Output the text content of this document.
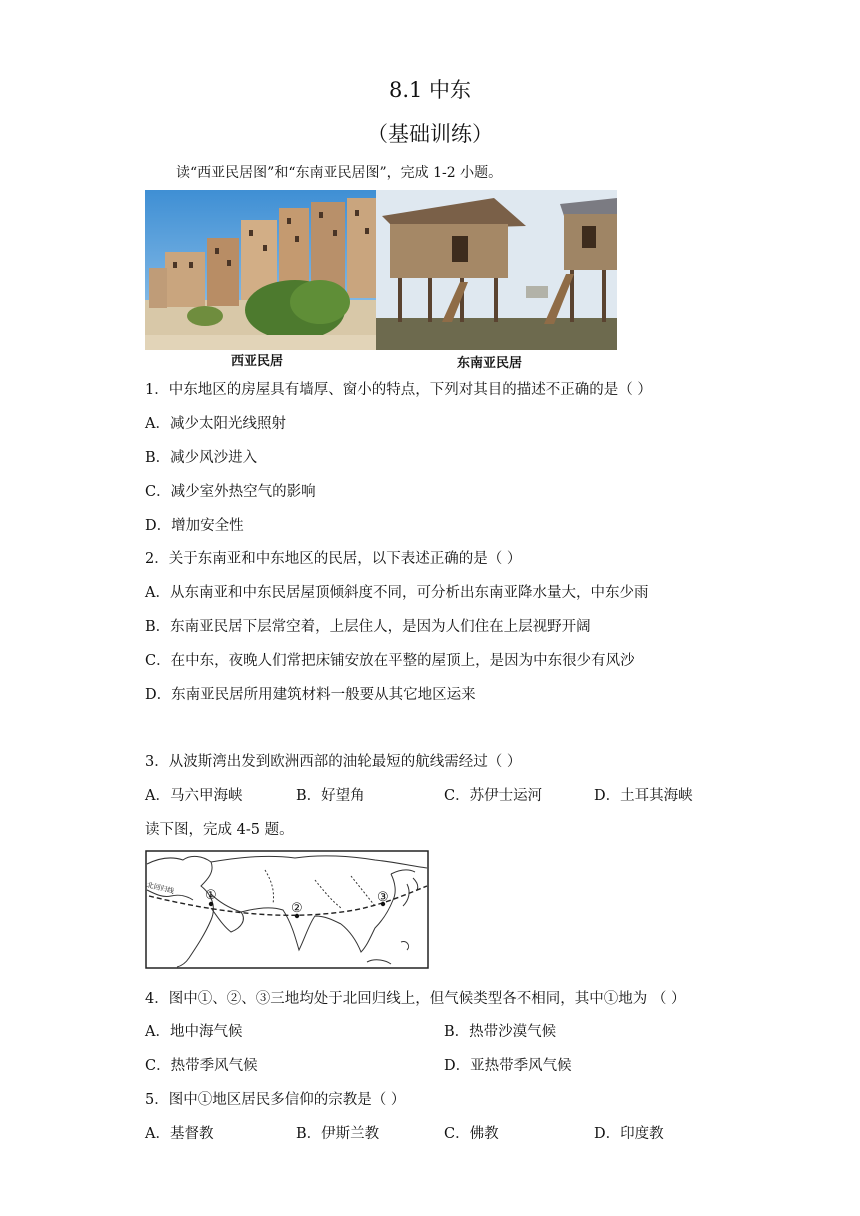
8.1 中东
（基础训练）
读“西亚民居图”和“东南亚民居图”，完成 1-2 小题。
西亚民居	东南亚民居
1．中东地区的房屋具有墙厚、窗小的特点，下列对其目的描述不正确的是（ ）
A．减少太阳光线照射
B．减少风沙进入
C．减少室外热空气的影响
D．增加安全性
2．关于东南亚和中东地区的民居，以下表述正确的是（ ）
A．从东南亚和中东民居屋顶倾斜度不同，可分析出东南亚降水量大，中东少雨
B．东南亚民居下层常空着，上层住人，是因为人们住在上层视野开阔
C．在中东，夜晚人们常把床铺安放在平整的屋顶上，是因为中东很少有风沙
D．东南亚民居所用建筑材料一般要从其它地区运来
3．从波斯湾出发到欧洲西部的油轮最短的航线需经过（ ）
A．马六甲海峡	B．好望角	C．苏伊士运河	D．土耳其海峡
读下图，完成 4-5 题。
北回归线 ①
②
③
4．图中①、②、③三地均处于北回归线上，但气候类型各不相同，其中①地为 （ ）
A．地中海气候	B．热带沙漠气候
C．热带季风气候	D．亚热带季风气候
5．图中①地区居民多信仰的宗教是（ ）
A．基督教	B．伊斯兰教	C．佛教	D．印度教
